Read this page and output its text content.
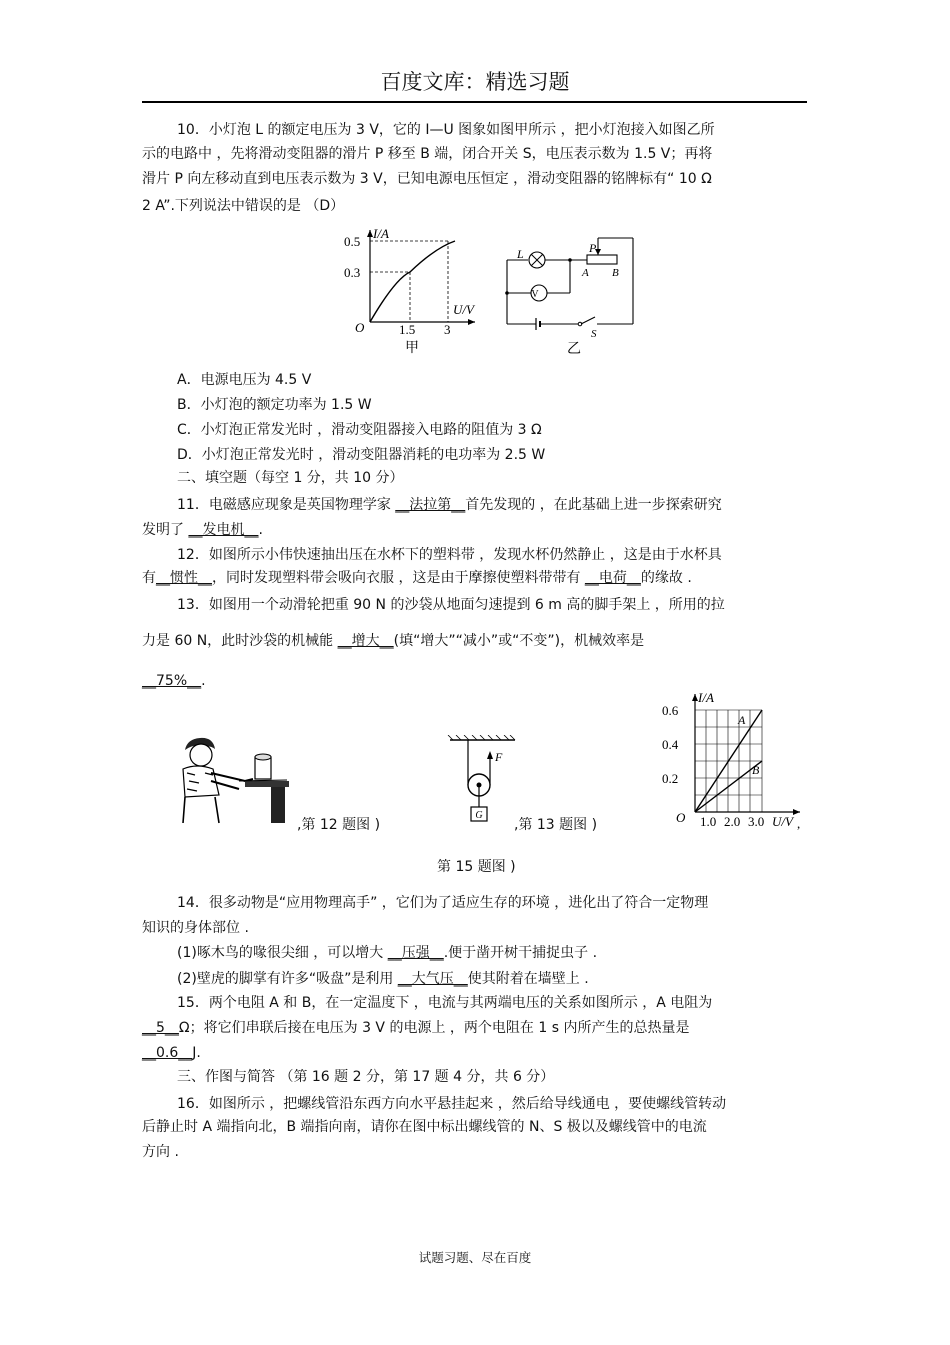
百度文库：精选习题
10．小灯泡 L 的额定电压为 3 V，它的 I—U 图象如图甲所示 ，把小灯泡接入如图乙所
示的电路中 ，先将滑动变阻器的滑片 P 移至 B 端，闭合开关 S，电压表示数为 1.5 V；再将
滑片 P 向左移动直到电压表示数为 3 V，已知电源电压恒定 ，滑动变阻器的铭牌标有“ 10 Ω
2 A”.下列说法中错误的是 （D）
I/A
U/V
0.5
0.3
O	1.5 3
甲
L
V
P
A B
S
乙
A．电源电压为 4.5 V
B．小灯泡的额定功率为 1.5 W
C．小灯泡正常发光时 ，滑动变阻器接入电路的阻值为 3 Ω
D．小灯泡正常发光时 ，滑动变阻器消耗的电功率为 2.5 W
二、填空题（每空 1 分，共 10 分）
11．电磁感应现象是英国物理学家 __法拉第__首先发现的 ，在此基础上进一步探索研究
发明了 __发电机__.
12．如图所示小伟快速抽出压在水杯下的塑料带 ，发现水杯仍然静止 ，这是由于水杯具
有__惯性__，同时发现塑料带会吸向衣服 ，这是由于摩擦使塑料带带有 __电荷__的缘故 .
13．如图用一个动滑轮把重 90 N 的沙袋从地面匀速提到 6 m 高的脚手架上 ，所用的拉
力是 60 N，此时沙袋的机械能 __增大__(填“增大”“减小”或“不变”)，机械效率是
__75%__.
,第 12 题图 )
F
G
,第 13 题图 )
I/A
0.6
0.4
0.2
O 1.0 2.0 3.0 U/V ,
A
B
第 15 题图 )
14．很多动物是“应用物理高手” ，它们为了适应生存的环境 ，进化出了符合一定物理
知识的身体部位 .
(1)啄木鸟的喙很尖细 ，可以增大 __压强__.便于凿开树干捕捉虫子 .
(2)壁虎的脚掌有许多“吸盘”是利用 __大气压__使其附着在墙壁上 .
15．两个电阻 A 和 B，在一定温度下 ，电流与其两端电压的关系如图所示 ，A 电阻为
__5__Ω；将它们串联后接在电压为 3 V 的电源上 ，两个电阻在 1 s 内所产生的总热量是
__0.6__J.
三、作图与简答 （第 16 题 2 分，第 17 题 4 分，共 6 分）
16．如图所示 ，把螺线管沿东西方向水平悬挂起来 ，然后给导线通电 ，要使螺线管转动
后静止时 A 端指向北，B 端指向南，请你在图中标出螺线管的 N、S 极以及螺线管中的电流
方向 .
试题习题、尽在百度
